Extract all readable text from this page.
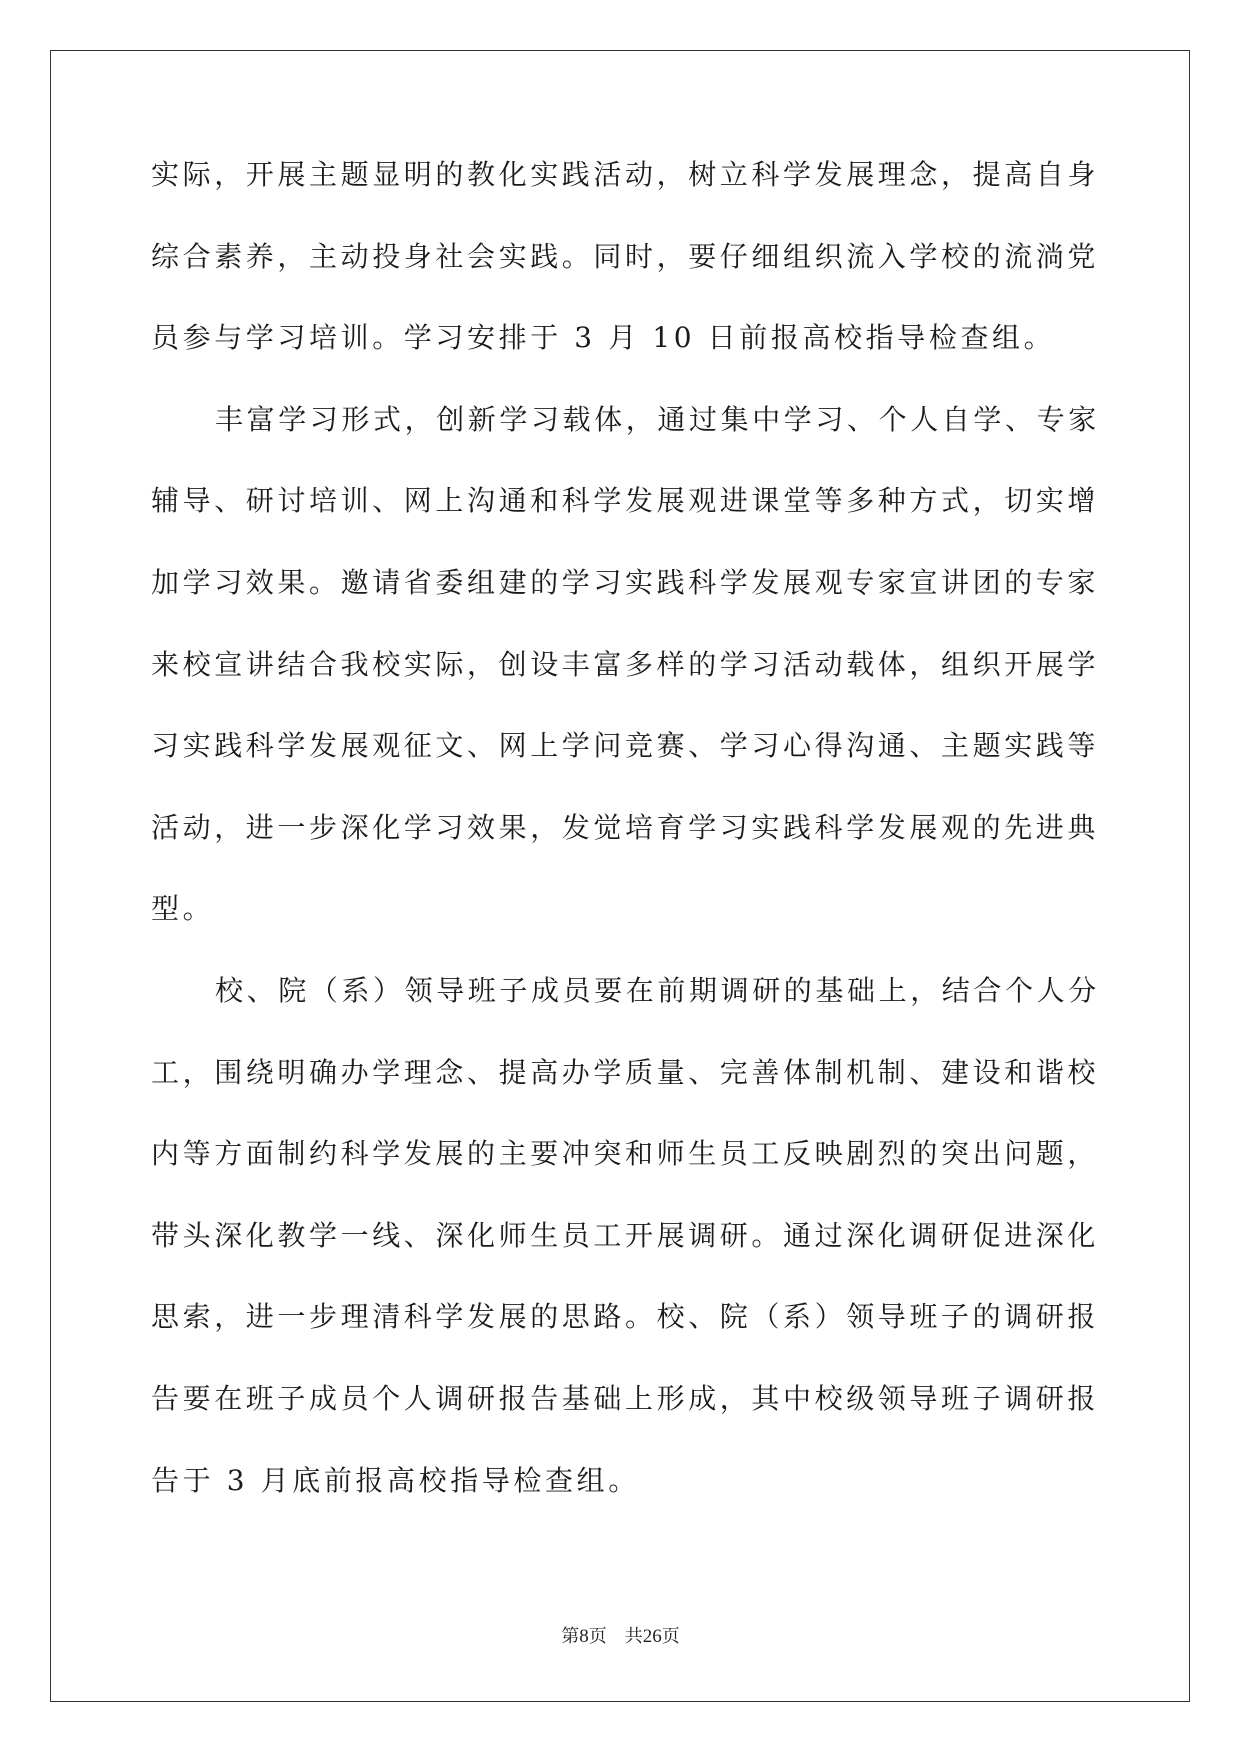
实际，开展主题显明的教化实践活动，树立科学发展理念，提高自身
综合素养，主动投身社会实践。同时，要仔细组织流入学校的流淌党
员参与学习培训。学习安排于 3 月 10 日前报高校指导检查组。
丰富学习形式，创新学习载体，通过集中学习、个人自学、专家
辅导、研讨培训、网上沟通和科学发展观进课堂等多种方式，切实增
加学习效果。邀请省委组建的学习实践科学发展观专家宣讲团的专家
来校宣讲结合我校实际，创设丰富多样的学习活动载体，组织开展学
习实践科学发展观征文、网上学问竞赛、学习心得沟通、主题实践等
活动，进一步深化学习效果，发觉培育学习实践科学发展观的先进典
型。
校、院（系）领导班子成员要在前期调研的基础上，结合个人分
工，围绕明确办学理念、提高办学质量、完善体制机制、建设和谐校
内等方面制约科学发展的主要冲突和师生员工反映剧烈的突出问题，
带头深化教学一线、深化师生员工开展调研。通过深化调研促进深化
思索，进一步理清科学发展的思路。校、院（系）领导班子的调研报
告要在班子成员个人调研报告基础上形成，其中校级领导班子调研报
告于 3 月底前报高校指导检查组。
第8页 共26页
